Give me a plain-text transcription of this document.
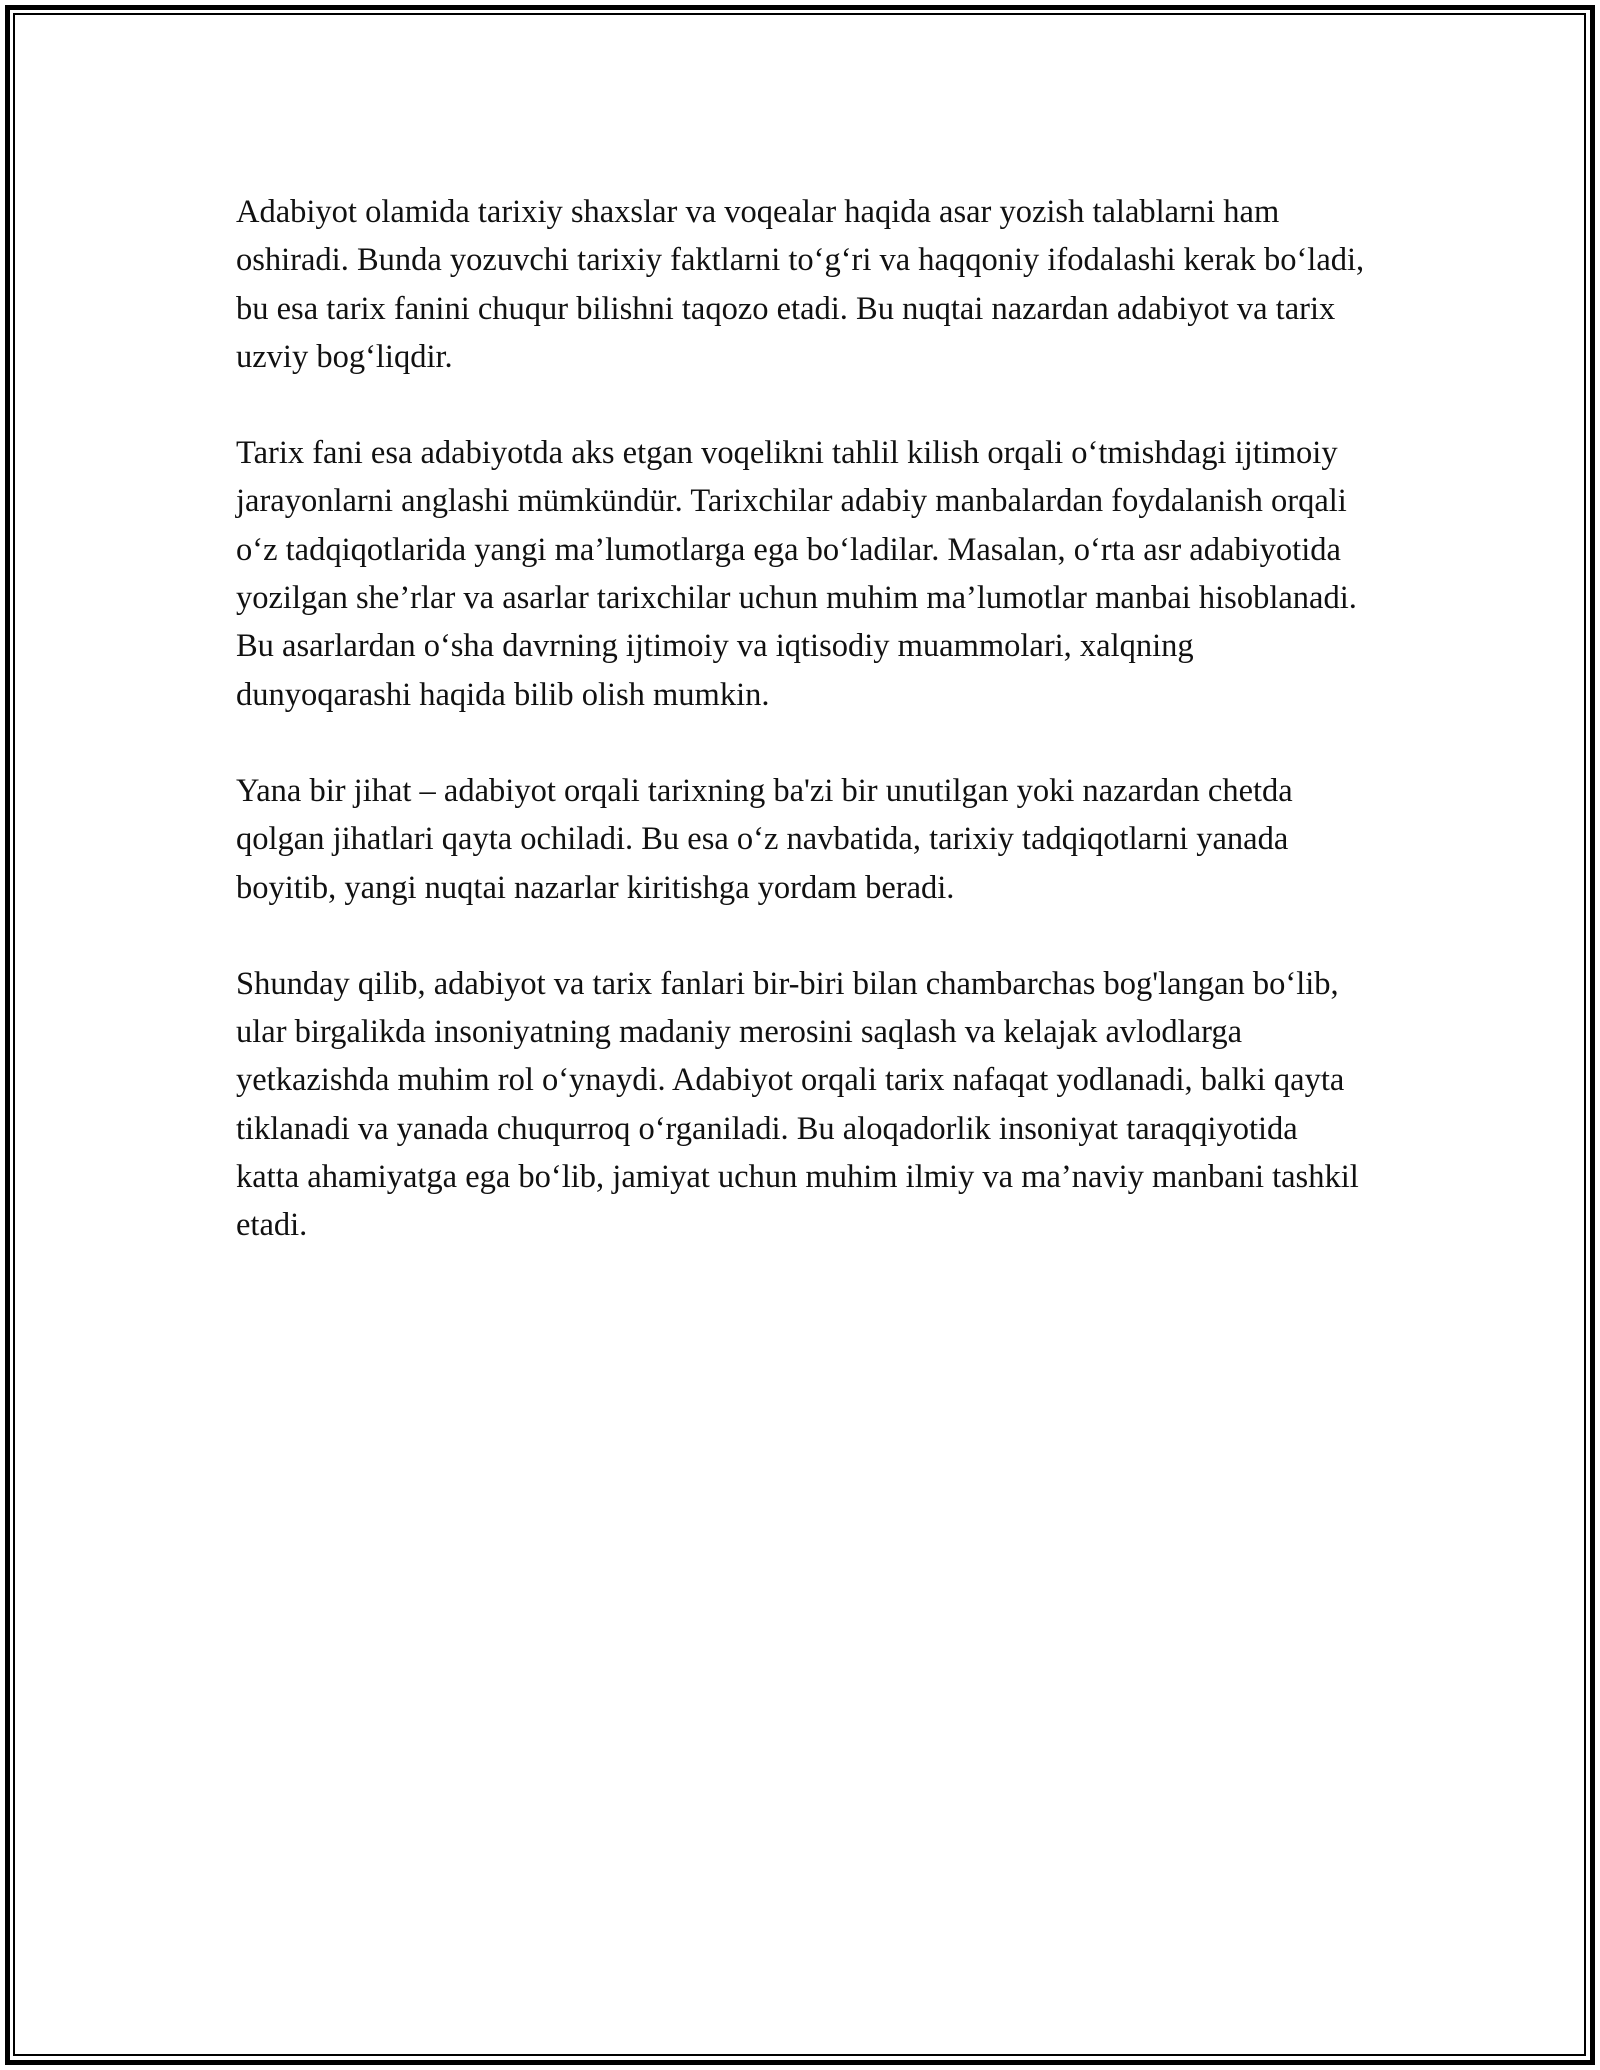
Adabiyot olamida tarixiy shaxslar va voqealar haqida asar yozish talablarni ham oshiradi. Bunda yozuvchi tarixiy faktlarni to‘g‘ri va haqqoniy ifodalashi kerak bo‘ladi, bu esa tarix fanini chuqur bilishni taqozo etadi. Bu nuqtai nazardan adabiyot va tarix uzviy bog‘liqdir.

Tarix fani esa adabiyotda aks etgan voqelikni tahlil kilish orqali o‘tmishdagi ijtimoiy jarayonlarni anglashi mümkündür. Tarixchilar adabiy manbalardan foydalanish orqali o‘z tadqiqotlarida yangi ma’lumotlarga ega bo‘ladilar. Masalan, o‘rta asr adabiyotida yozilgan she’rlar va asarlar tarixchilar uchun muhim ma’lumotlar manbai hisoblanadi. Bu asarlardan o‘sha davrning ijtimoiy va iqtisodiy muammolari, xalqning dunyoqarashi haqida bilib olish mumkin.

Yana bir jihat – adabiyot orqali tarixning ba'zi bir unutilgan yoki nazardan chetda qolgan jihatlari qayta ochiladi. Bu esa o‘z navbatida, tarixiy tadqiqotlarni yanada boyitib, yangi nuqtai nazarlar kiritishga yordam beradi.

Shunday qilib, adabiyot va tarix fanlari bir-biri bilan chambarchas bog'langan bo‘lib, ular birgalikda insoniyatning madaniy merosini saqlash va kelajak avlodlarga yetkazishda muhim rol o‘ynaydi. Adabiyot orqali tarix nafaqat yodlanadi, balki qayta tiklanadi va yanada chuqurroq o‘rganiladi. Bu aloqadorlik insoniyat taraqqiyotida katta ahamiyatga ega bo‘lib, jamiyat uchun muhim ilmiy va ma’naviy manbani tashkil etadi.
